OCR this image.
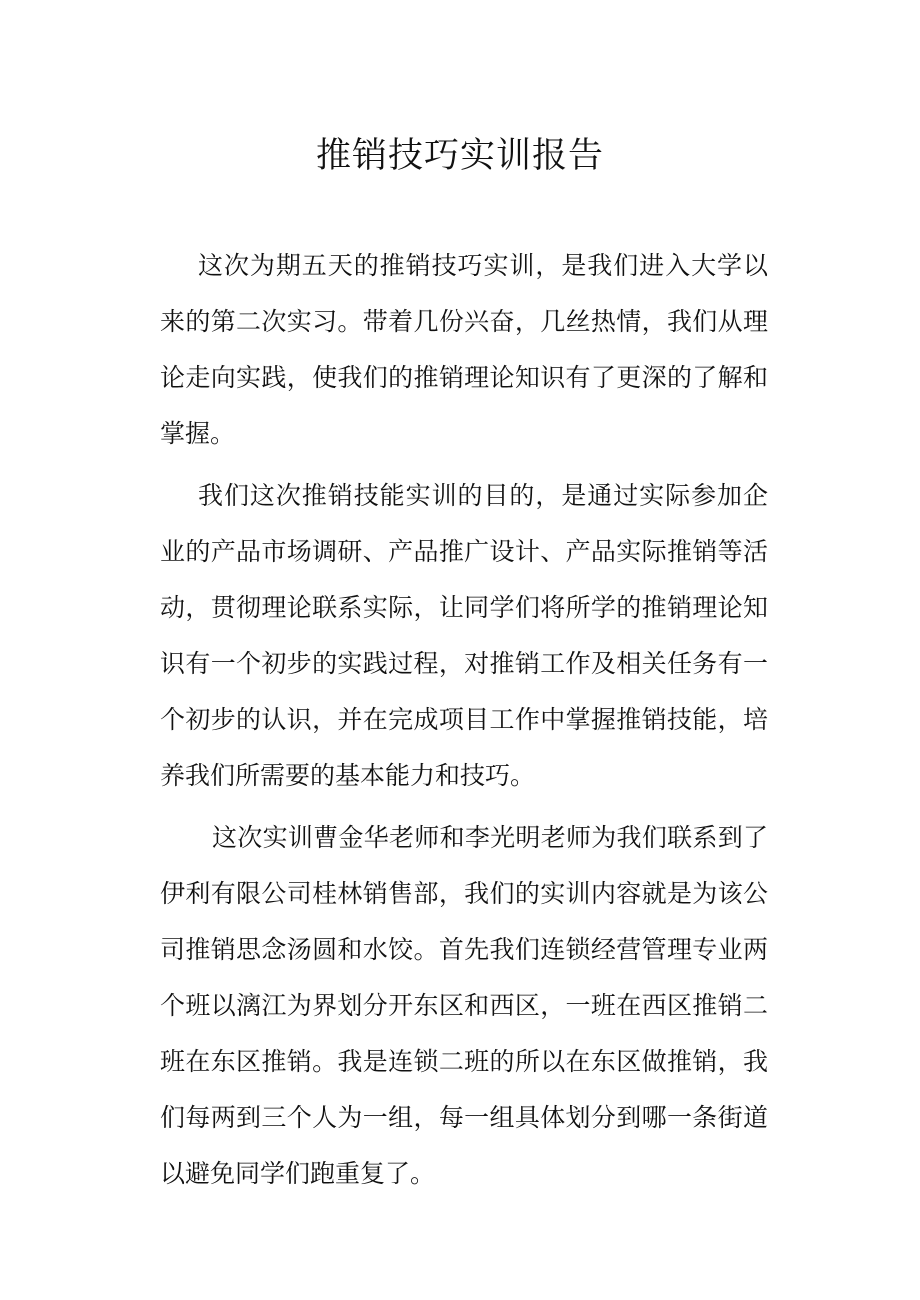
推销技巧实训报告

这次为期五天的推销技巧实训，是我们进入大学以来的第二次实习。带着几份兴奋，几丝热情，我们从理论走向实践，使我们的推销理论知识有了更深的了解和掌握。

我们这次推销技能实训的目的，是通过实际参加企业的产品市场调研、产品推广设计、产品实际推销等活动，贯彻理论联系实际，让同学们将所学的推销理论知识有一个初步的实践过程，对推销工作及相关任务有一个初步的认识，并在完成项目工作中掌握推销技能，培养我们所需要的基本能力和技巧。

这次实训曹金华老师和李光明老师为我们联系到了伊利有限公司桂林销售部，我们的实训内容就是为该公司推销思念汤圆和水饺。首先我们连锁经营管理专业两个班以漓江为界划分开东区和西区，一班在西区推销二班在东区推销。我是连锁二班的所以在东区做推销，我们每两到三个人为一组，每一组具体划分到哪一条街道以避免同学们跑重复了。
